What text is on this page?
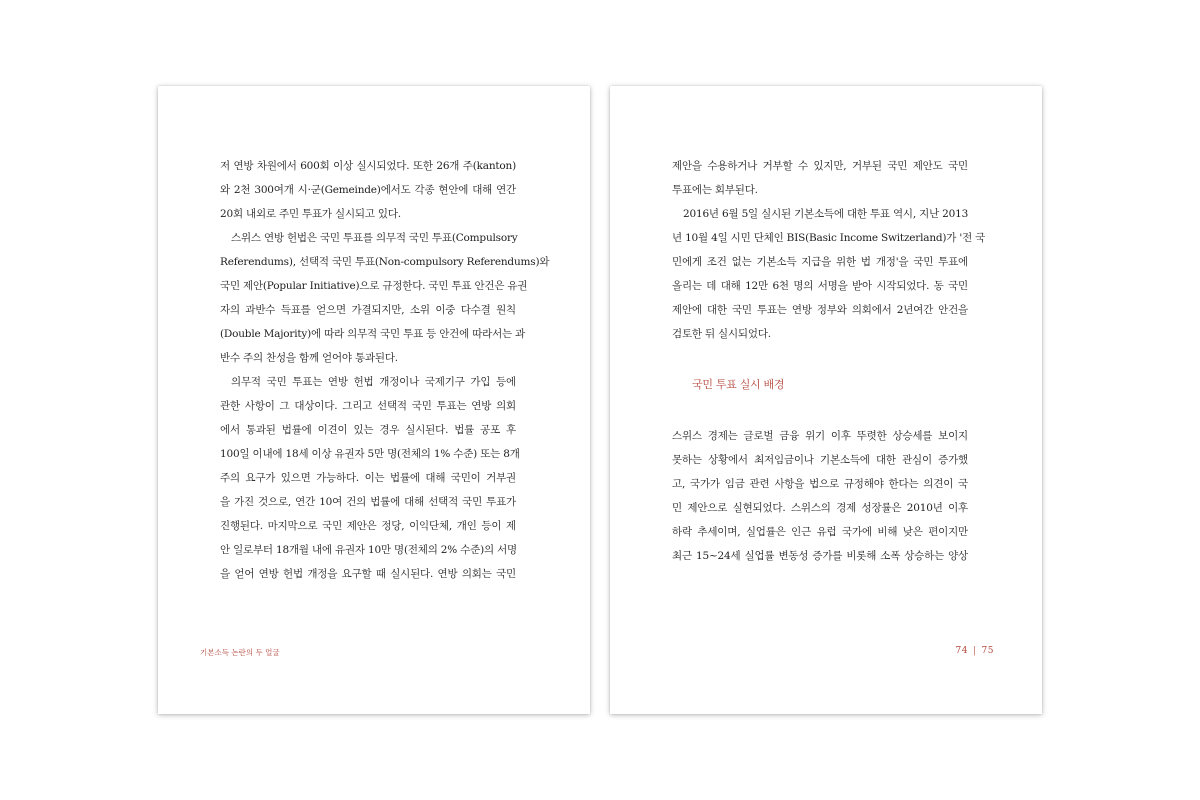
저 연방 차원에서 600회 이상 실시되었다. 또한 26개 주(kanton)
와 2천 300여개 시·군(Gemeinde)에서도 각종 현안에 대해 연간
20회 내외로 주민 투표가 실시되고 있다.
스위스 연방 헌법은 국민 투표를 의무적 국민 투표(Compulsory
Referendums), 선택적 국민 투표(Non-compulsory Referendums)와
국민 제안(Popular Initiative)으로 규정한다. 국민 투표 안건은 유권
자의 과반수 득표를 얻으면 가결되지만, 소위 이중 다수결 원칙
(Double Majority)에 따라 의무적 국민 투표 등 안건에 따라서는 과
반수 주의 찬성을 함께 얻어야 통과된다.
의무적 국민 투표는 연방 헌법 개정이나 국제기구 가입 등에
관한 사항이 그 대상이다. 그리고 선택적 국민 투표는 연방 의회
에서 통과된 법률에 이견이 있는 경우 실시된다. 법률 공포 후
100일 이내에 18세 이상 유권자 5만 명(전체의 1% 수준) 또는 8개
주의 요구가 있으면 가능하다. 이는 법률에 대해 국민이 거부권
을 가진 것으로, 연간 10여 건의 법률에 대해 선택적 국민 투표가
진행된다. 마지막으로 국민 제안은 정당, 이익단체, 개인 등이 제
안 일로부터 18개월 내에 유권자 10만 명(전체의 2% 수준)의 서명
을 얻어 연방 헌법 개정을 요구할 때 실시된다. 연방 의회는 국민
기본소득 논란의 두 얼굴
제안을 수용하거나 거부할 수 있지만, 거부된 국민 제안도 국민
투표에는 회부된다.
2016년 6월 5일 실시된 기본소득에 대한 투표 역시, 지난 2013
년 10월 4일 시민 단체인 BIS(Basic Income Switzerland)가 '전 국
민에게 조건 없는 기본소득 지급을 위한 법 개정'을 국민 투표에
올리는 데 대해 12만 6천 명의 서명을 받아 시작되었다. 동 국민
제안에 대한 국민 투표는 연방 정부와 의회에서 2년여간 안건을
검토한 뒤 실시되었다.
국민 투표 실시 배경
스위스 경제는 글로벌 금융 위기 이후 뚜렷한 상승세를 보이지
못하는 상황에서 최저임금이나 기본소득에 대한 관심이 증가했
고, 국가가 임금 관련 사항을 법으로 규정해야 한다는 의견이 국
민 제안으로 실현되었다. 스위스의 경제 성장률은 2010년 이후
하락 추세이며, 실업률은 인근 유럽 국가에 비해 낮은 편이지만
최근 15~24세 실업률 변동성 증가를 비롯해 소폭 상승하는 양상
74 | 75
